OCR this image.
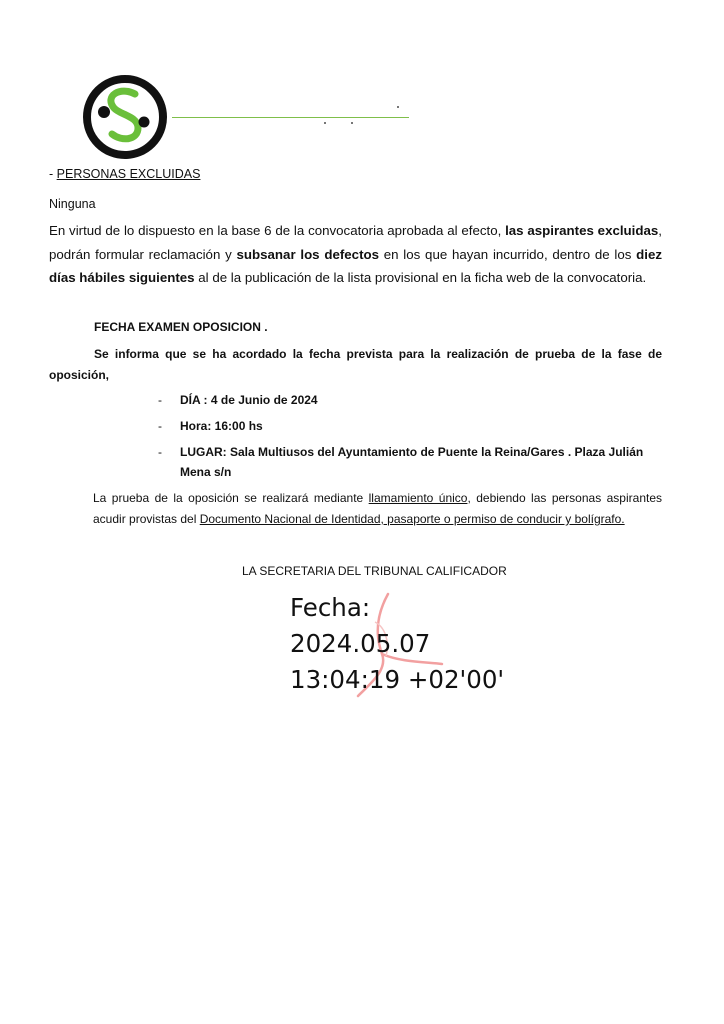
- PERSONAS EXCLUIDAS

Ninguna

En virtud de lo dispuesto en la base 6 de la convocatoria aprobada al efecto, las aspirantes excluidas, podrán formular reclamación y subsanar los defectos en los que hayan incurrido, dentro de los diez días hábiles siguientes al de la publicación de la lista provisional en la ficha web de la convocatoria.

FECHA EXAMEN OPOSICION .

Se informa que se ha acordado la fecha prevista para la realización de prueba de la fase de oposición,

- DÍA : 4 de Junio de 2024
- Hora: 16:00 hs
- LUGAR: Sala Multiusos del Ayuntamiento de Puente la Reina/Gares . Plaza Julián Mena s/n

La prueba de la oposición se realizará mediante llamamiento único, debiendo las personas aspirantes acudir provistas del Documento Nacional de Identidad, pasaporte o permiso de conducir y bolígrafo.

LA SECRETARIA DEL TRIBUNAL CALIFICADOR

Fecha:
2024.05.07
13:04:19 +02'00'
